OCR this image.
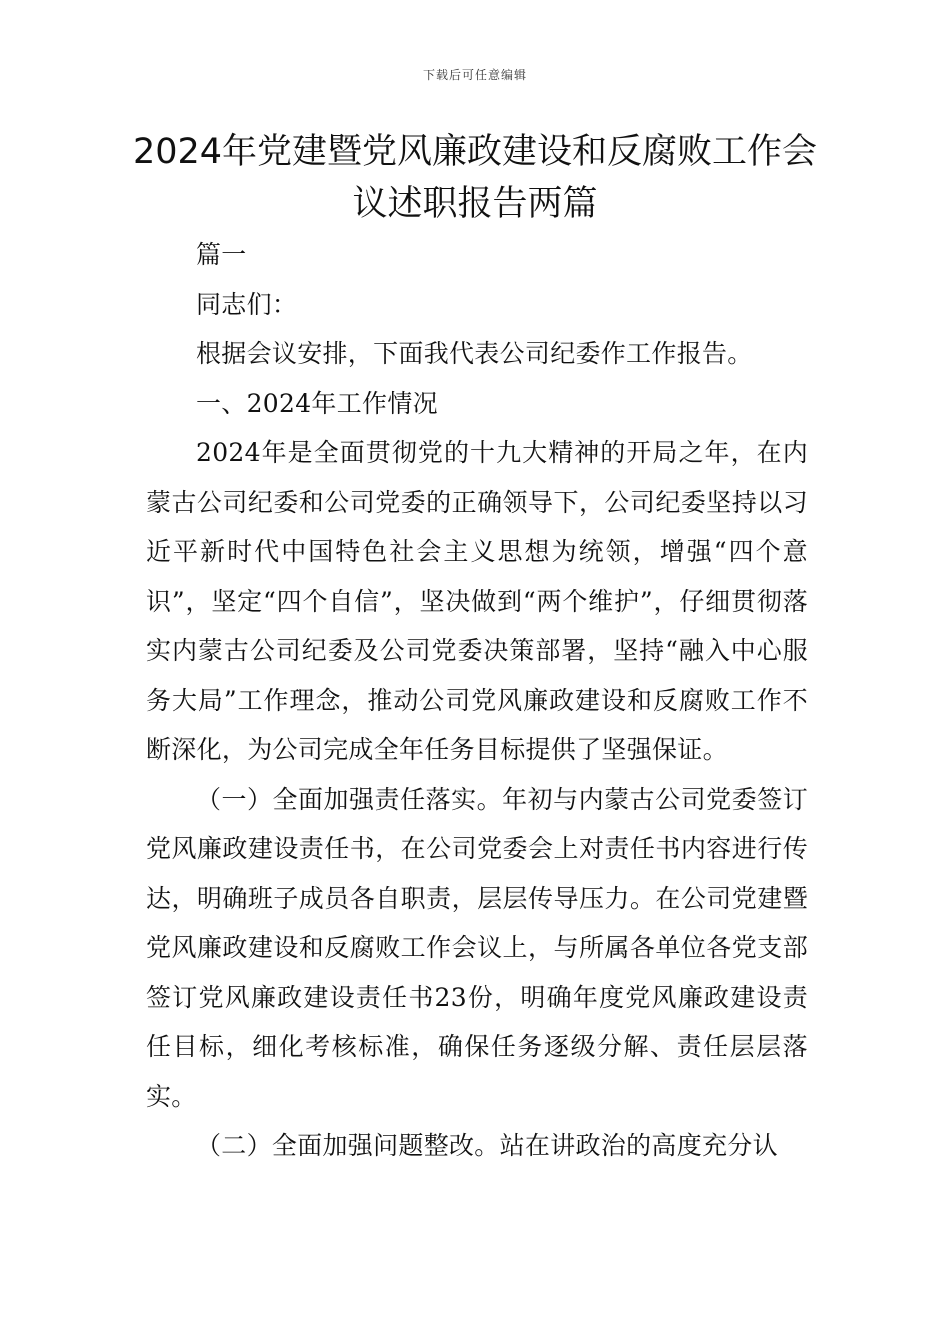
下载后可任意编辑
2024年党建暨党风廉政建设和反腐败工作会议述职报告两篇

篇一

同志们：

根据会议安排，下面我代表公司纪委作工作报告。

一、2024年工作情况

2024年是全面贯彻党的十九大精神的开局之年，在内蒙古公司纪委和公司党委的正确领导下，公司纪委坚持以习近平新时代中国特色社会主义思想为统领，增强“四个意识”，坚定“四个自信”，坚决做到“两个维护”，仔细贯彻落实内蒙古公司纪委及公司党委决策部署，坚持“融入中心服务大局”工作理念，推动公司党风廉政建设和反腐败工作不断深化，为公司完成全年任务目标提供了坚强保证。

（一）全面加强责任落实。年初与内蒙古公司党委签订党风廉政建设责任书，在公司党委会上对责任书内容进行传达，明确班子成员各自职责，层层传导压力。在公司党建暨党风廉政建设和反腐败工作会议上，与所属各单位各党支部签订党风廉政建设责任书23份，明确年度党风廉政建设责任目标，细化考核标准，确保任务逐级分解、责任层层落实。

（二）全面加强问题整改。站在讲政治的高度充分认
